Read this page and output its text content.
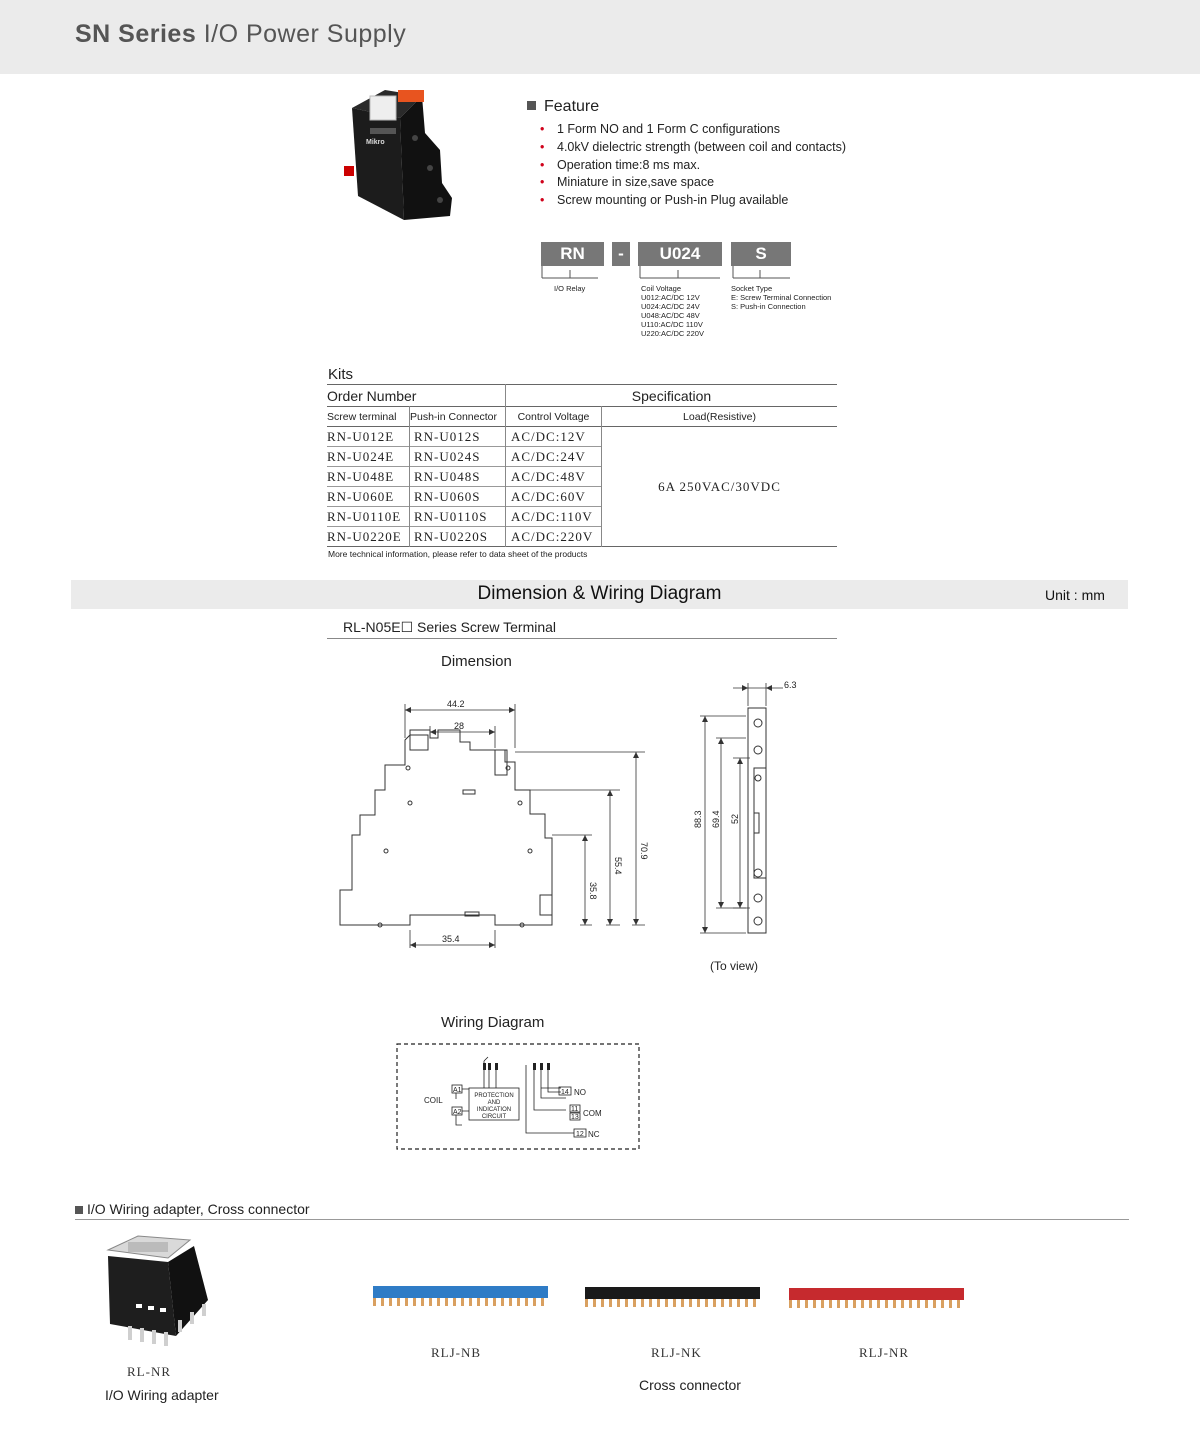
SN Series I/O Power Supply
Mikro
Feature
• 1 Form NO and 1 Form C configurations
• 4.0kV dielectric strength (between coil and contacts)
• Operation time:8 ms max.
• Miniature in size,save space
• Screw mounting or Push-in Plug available
RN	-	U024	S
I/O Relay	Coil Voltage
U012:AC/DC 12V
U024:AC/DC 24V
U048:AC/DC 48V
U110:AC/DC 110V
U220:AC/DC 220V
Socket Type
E: Screw Terminal Connection
S: Push-in Connection
Kits
Order Number		Specification	
Screw terminal	Push-in Connector	Control Voltage	Load(Resistive)
RN-U012E	RN-U012S	AC/DC:12V	6A 250VAC/30VDC
RN-U024E	RN-U024S	AC/DC:24V	
RN-U048E	RN-U048S	AC/DC:48V	
RN-U060E	RN-U060S	AC/DC:60V	
RN-U0110E	RN-U0110S	AC/DC:110V	
RN-U0220E	RN-U0220S	AC/DC:220V	
More technical information, please refer to data sheet of the products
Dimension & Wiring Diagram	Unit : mm
RL-N05E☐ Series Screw Terminal
Dimension
44.2
28
70.9
55.4
35.8
35.4
6.3
88.3 69.4 52
(To view)
Wiring Diagram
COIL
A1
A2
PROTECTION
AND
INDICATION
CIRCUIT
14 NO
11
13 COM
12 NC
I/O Wiring adapter, Cross connector
RL-NR
I/O Wiring adapter
RLJ-NB	RLJ-NK	RLJ-NR
Cross connector
